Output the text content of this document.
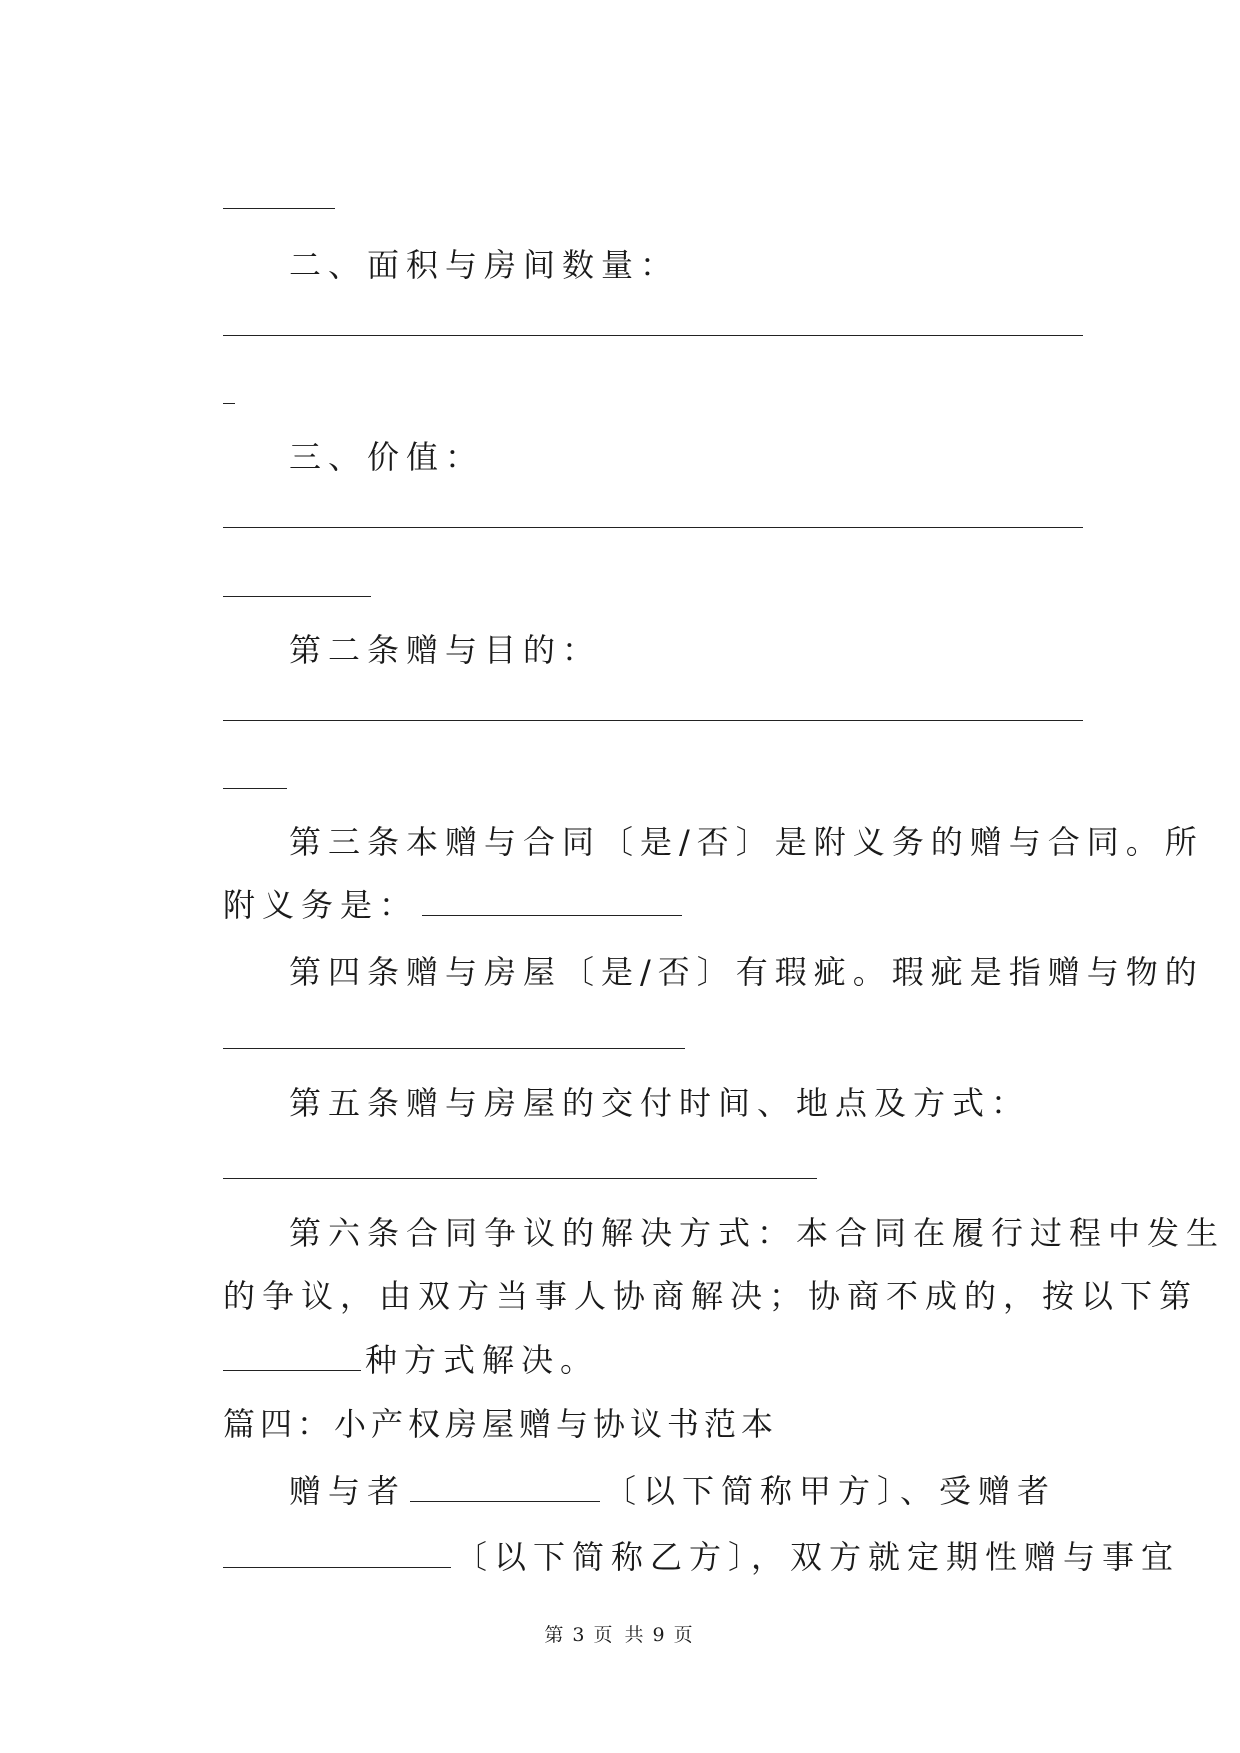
二、面积与房间数量：
三、价值：
第二条赠与目的：
第三条本赠与合同〔是/否〕是附义务的赠与合同。所
附义务是：
第四条赠与房屋〔是/否〕有瑕疵。瑕疵是指赠与物的
第五条赠与房屋的交付时间、地点及方式：
第六条合同争议的解决方式：本合同在履行过程中发生
的争议，由双方当事人协商解决；协商不成的，按以下第
种方式解决。
篇四：小产权房屋赠与协议书范本
赠与者	〔以下简称甲方〕、受赠者
〔以下简称乙方〕，双方就定期性赠与事宜
第 3 页 共 9 页
